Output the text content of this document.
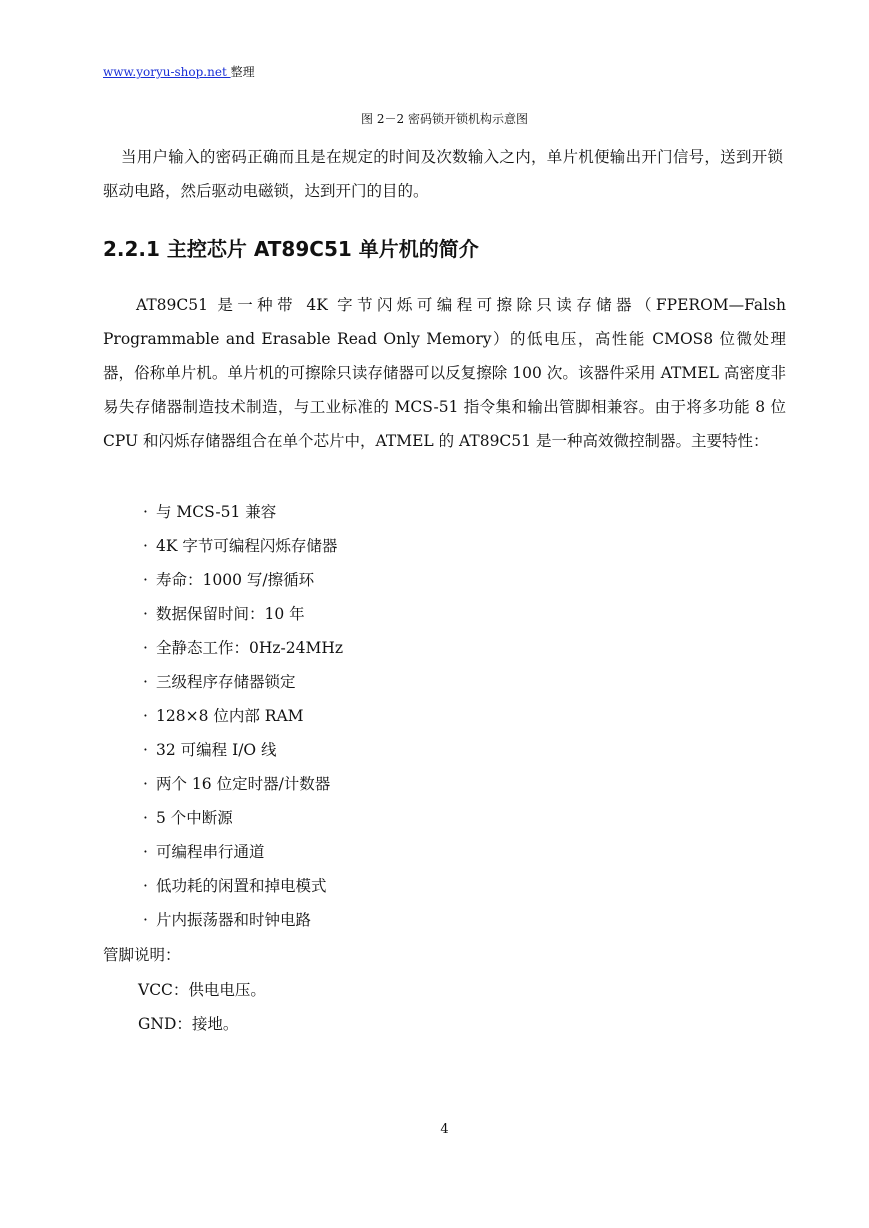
www.yoryu-shop.net 整理
图 2－2 密码锁开锁机构示意图

当用户输入的密码正确而且是在规定的时间及次数输入之内，单片机便输出开门信号，送到开锁驱动电路，然后驱动电磁锁，达到开门的目的。

2.2.1 主控芯片 AT89C51 单片机的简介

AT89C51 是一种带 4K 字节闪烁可编程可擦除只读存储器（FPEROM—Falsh Programmable and Erasable Read Only Memory）的低电压，高性能 CMOS8 位微处理器，俗称单片机。单片机的可擦除只读存储器可以反复擦除 100 次。该器件采用 ATMEL 高密度非易失存储器制造技术制造，与工业标准的 MCS-51 指令集和输出管脚相兼容。由于将多功能 8 位 CPU 和闪烁存储器组合在单个芯片中，ATMEL 的 AT89C51 是一种高效微控制器。主要特性：

· 与 MCS-51 兼容
· 4K 字节可编程闪烁存储器
· 寿命：1000 写/擦循环
· 数据保留时间：10 年
· 全静态工作：0Hz-24MHz
· 三级程序存储器锁定
· 128×8 位内部 RAM
· 32 可编程 I/O 线
· 两个 16 位定时器/计数器
· 5 个中断源
· 可编程串行通道
· 低功耗的闲置和掉电模式
· 片内振荡器和时钟电路

管脚说明：

VCC：供电电压。

GND：接地。

4
